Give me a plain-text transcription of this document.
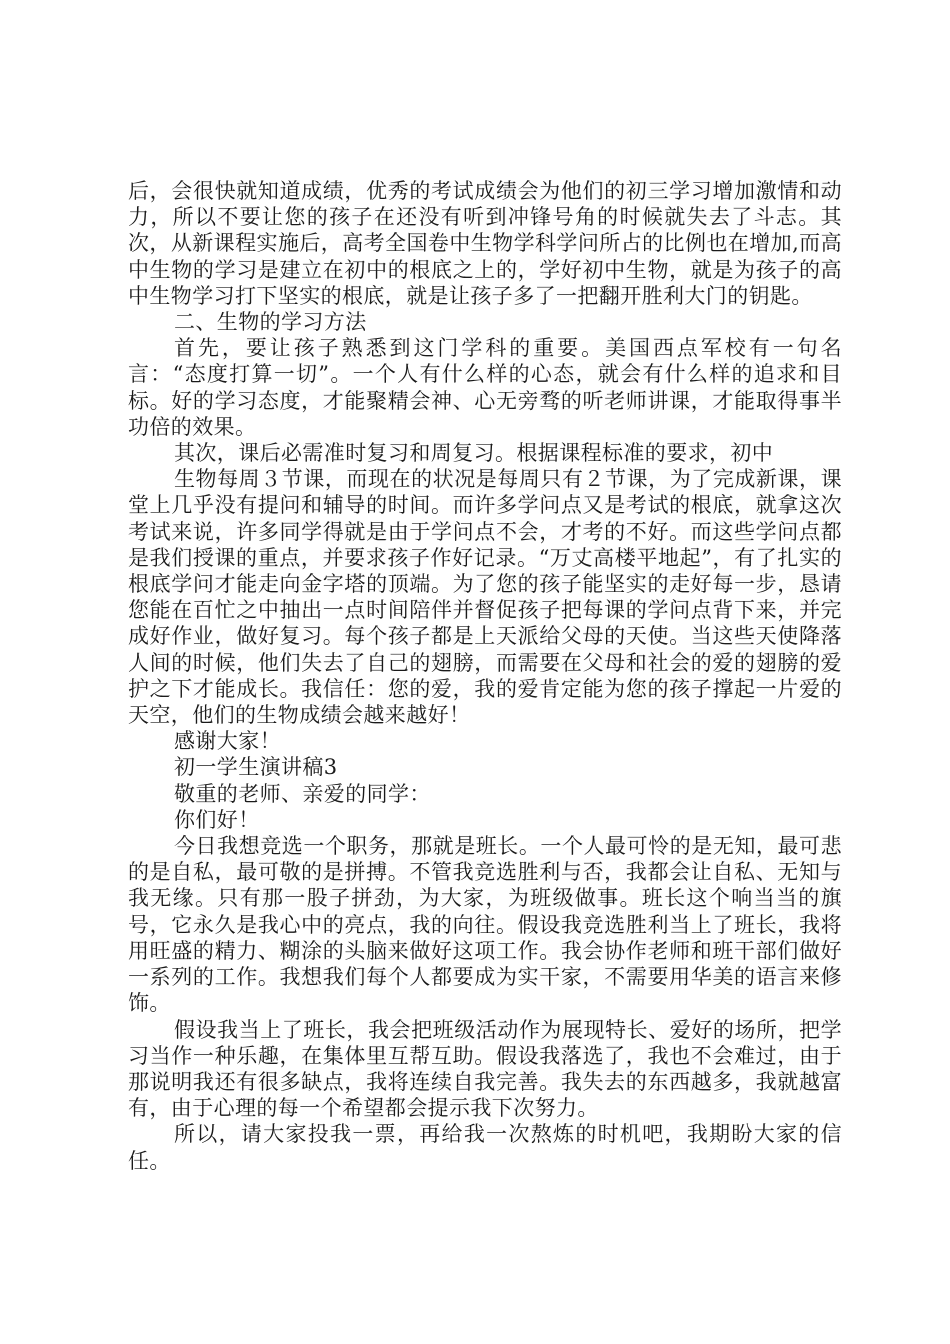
后，会很快就知道成绩，优秀的考试成绩会为他们的初三学习增加激情和动力，所以不要让您的孩子在还没有听到冲锋号角的时候就失去了斗志。其次，从新课程实施后，高考全国卷中生物学科学问所占的比例也在增加,而高中生物的学习是建立在初中的根底之上的，学好初中生物，就是为孩子的高中生物学习打下坚实的根底，就是让孩子多了一把翻开胜利大门的钥匙。

二、生物的学习方法

首先，要让孩子熟悉到这门学科的重要。美国西点军校有一句名言：“态度打算一切”。一个人有什么样的心态，就会有什么样的追求和目标。好的学习态度，才能聚精会神、心无旁骛的听老师讲课，才能取得事半功倍的效果。

其次，课后必需准时复习和周复习。根据课程标准的要求，初中

生物每周３节课，而现在的状况是每周只有２节课，为了完成新课，课堂上几乎没有提问和辅导的时间。而许多学问点又是考试的根底，就拿这次考试来说，许多同学得就是由于学问点不会，才考的不好。而这些学问点都是我们授课的重点，并要求孩子作好记录。“万丈高楼平地起”，有了扎实的根底学问才能走向金字塔的顶端。为了您的孩子能坚实的走好每一步，恳请您能在百忙之中抽出一点时间陪伴并督促孩子把每课的学问点背下来，并完成好作业，做好复习。每个孩子都是上天派给父母的天使。当这些天使降落人间的时候，他们失去了自己的翅膀，而需要在父母和社会的爱的翅膀的爱护之下才能成长。我信任：您的爱，我的爱肯定能为您的孩子撑起一片爱的天空，他们的生物成绩会越来越好！

感谢大家！

初一学生演讲稿3

敬重的老师、亲爱的同学：

你们好！

今日我想竞选一个职务，那就是班长。一个人最可怜的是无知，最可悲的是自私，最可敬的是拼搏。不管我竞选胜利与否，我都会让自私、无知与我无缘。只有那一股子拼劲，为大家，为班级做事。班长这个响当当的旗号，它永久是我心中的亮点，我的向往。假设我竞选胜利当上了班长，我将用旺盛的精力、糊涂的头脑来做好这项工作。我会协作老师和班干部们做好一系列的工作。我想我们每个人都要成为实干家，不需要用华美的语言来修饰。

假设我当上了班长，我会把班级活动作为展现特长、爱好的场所，把学习当作一种乐趣，在集体里互帮互助。假设我落选了，我也不会难过，由于那说明我还有很多缺点，我将连续自我完善。我失去的东西越多，我就越富有，由于心理的每一个希望都会提示我下次努力。

所以，请大家投我一票，再给我一次熬炼的时机吧，我期盼大家的信任。
